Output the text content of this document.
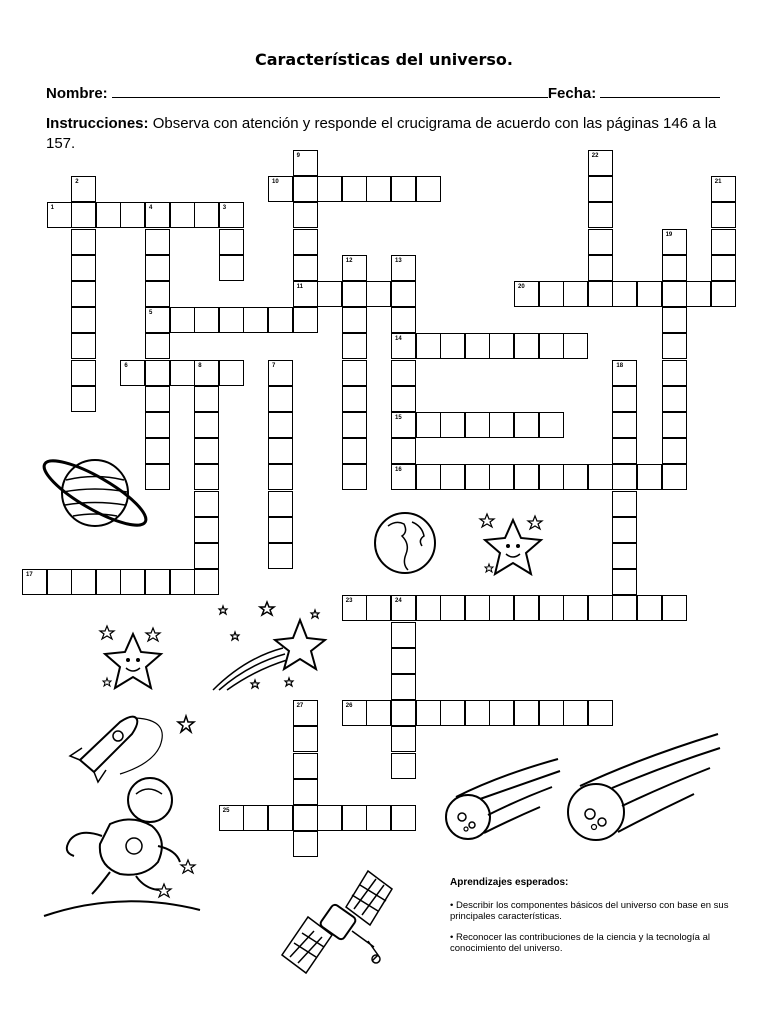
Características del universo.
Nombre:	Fecha:
Instrucciones: Observa con atención y responde el crucigrama de acuerdo con las páginas 146 a la 157.
1	4	3
2
5
6	8	7
9
11
10
12	13
14
15
16
17
18
19
20
21
22
23	24
25
26
27
Aprendizajes esperados:

• Describir los componentes básicos del universo con base en sus principales características.

• Reconocer las contribuciones de la ciencia y la tecnología al conocimiento del universo.
